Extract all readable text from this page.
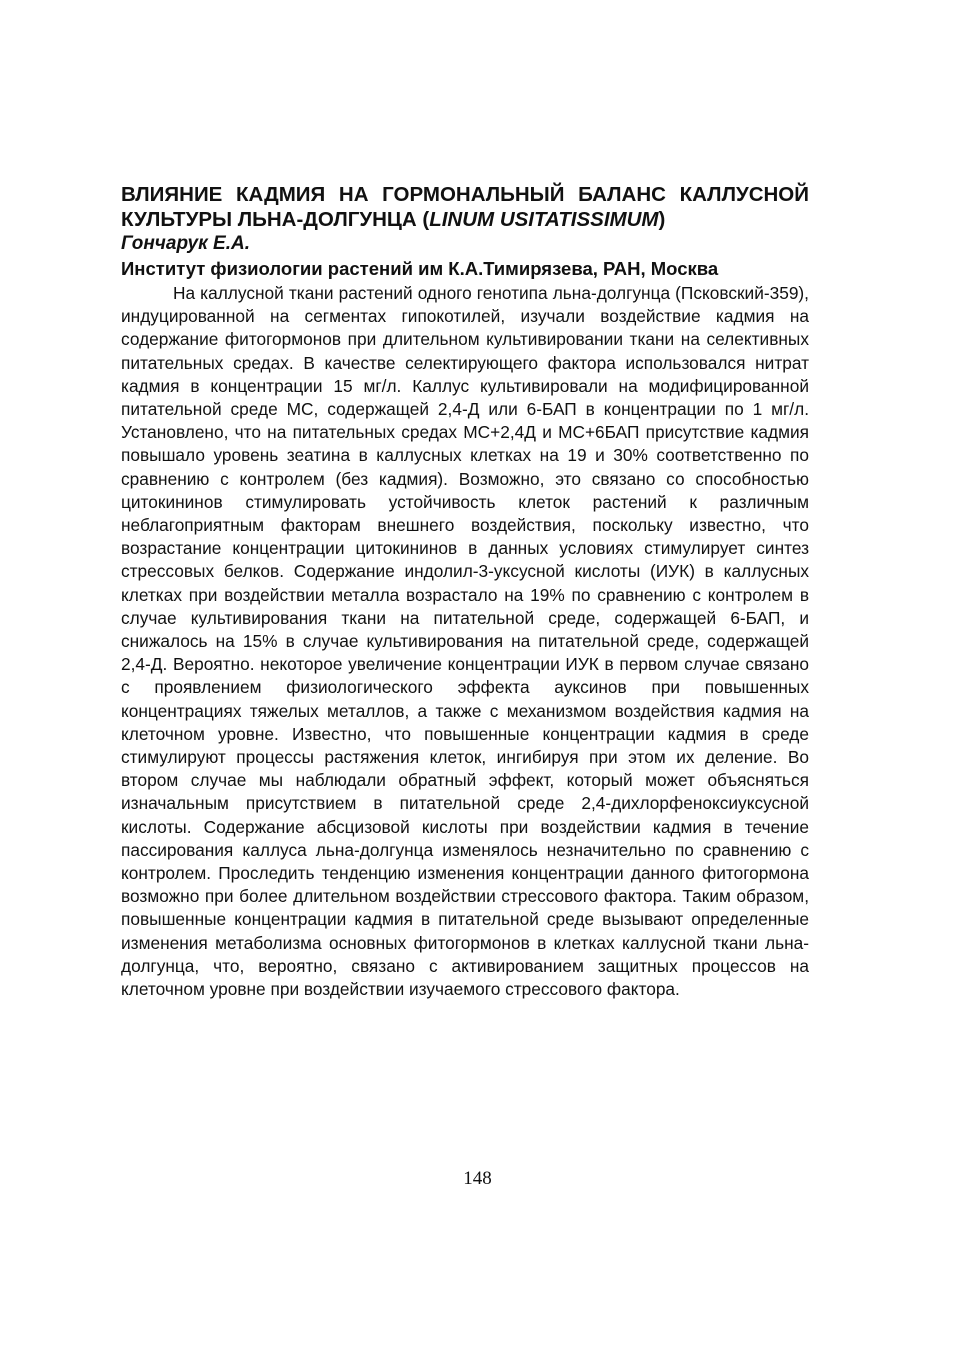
ВЛИЯНИЕ КАДМИЯ НА ГОРМОНАЛЬНЫЙ БАЛАНС КАЛЛУСНОЙ КУЛЬТУРЫ ЛЬНА-ДОЛГУНЦА (LINUM USITATISSIMUM)

Гончарук Е.А.

Институт физиологии растений им К.А.Тимирязева, РАН, Москва

На каллусной ткани растений одного генотипа льна-долгунца (Псковский-359), индуцированной на сегментах гипокотилей, изучали воздействие кадмия на содержание фитогормонов при длительном культивировании ткани на селективных питательных средах. В качестве селектирующего фактора использовался нитрат кадмия в концентрации 15 мг/л. Каллус культивировали на модифицированной питательной среде МС, содержащей 2,4-Д или 6-БАП в концентрации по 1 мг/л. Установлено, что на питательных средах МС+2,4Д и МС+6БАП присутствие кадмия повышало уровень зеатина в каллусных клетках на 19 и 30% соответственно по сравнению с контролем (без кадмия). Возможно, это связано со способностью цитокининов стимулировать устойчивость клеток растений к различным неблагоприятным факторам внешнего воздействия, поскольку известно, что возрастание концентрации цитокининов в данных условиях стимулирует синтез стрессовых белков. Содержание индолил-3-уксусной кислоты (ИУК) в каллусных клетках при воздействии металла возрастало на 19% по сравнению с контролем в случае культивирования ткани на питательной среде, содержащей 6-БАП, и снижалось на 15% в случае культивирования на питательной среде, содержащей 2,4-Д. Вероятно. некоторое увеличение концентрации ИУК в первом случае связано с проявлением физиологического эффекта ауксинов при повышенных концентрациях тяжелых металлов, а также с механизмом воздействия кадмия на клеточном уровне. Известно, что повышенные концентрации кадмия в среде стимулируют процессы растяжения клеток, ингибируя при этом их деление. Во втором случае мы наблюдали обратный эффект, который может объясняться изначальным присутствием в питательной среде 2,4-дихлорфеноксиуксусной кислоты. Содержание абсцизовой кислоты при воздействии кадмия в течение пассирования каллуса льна-долгунца изменялось незначительно по сравнению с контролем. Проследить тенденцию изменения концентрации данного фитогормона возможно при более длительном воздействии стрессового фактора. Таким образом, повышенные концентрации кадмия в питательной среде вызывают определенные изменения метаболизма основных фитогормонов в клетках каллусной ткани льна-долгунца, что, вероятно, связано с активированием защитных процессов на клеточном уровне при воздействии изучаемого стрессового фактора.

148
